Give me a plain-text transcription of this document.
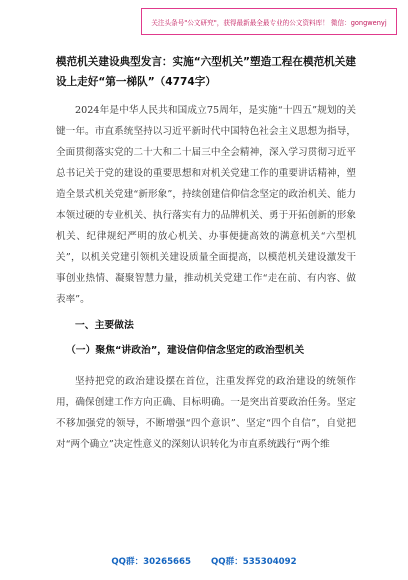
关注头条号"公文研究"，获得最新最全最专业的公文资料库！ 微信：gongwenyj
模范机关建设典型发言：实施“六型机关”塑造工程在模范机关建设上走好“第一梯队”（4774字）

2024年是中华人民共和国成立75周年，是实施“十四五”规划的关键一年。市直系统坚持以习近平新时代中国特色社会主义思想为指导，全面贯彻落实党的二十大和二十届三中全会精神，深入学习贯彻习近平总书记关于党的建设的重要思想和对机关党建工作的重要讲话精神，塑造全景式机关党建“新形象”，持续创建信仰信念坚定的政治机关、能力本领过硬的专业机关、执行落实有力的品牌机关、勇于开拓创新的形象机关、纪律规纪严明的放心机关、办事便捷高效的满意机关“六型机关”，以机关党建引领机关建设质量全面提高，以模范机关建设激发干事创业热情、凝聚智慧力量，推动机关党建工作“走在前、有内容、做表率”。

一、主要做法
（一）聚焦“讲政治”，建设信仰信念坚定的政治型机关

坚持把党的政治建设摆在首位，注重发挥党的政治建设的统领作用，确保创建工作方向正确、目标明确。一是突出首要政治任务。坚定不移加强党的领导，不断增强“四个意识”、坚定“四个自信”，自觉把对“两个确立”决定性意义的深刻认识转化为市直系统践行“两个维

QQ群：30265665 QQ群：535304092
